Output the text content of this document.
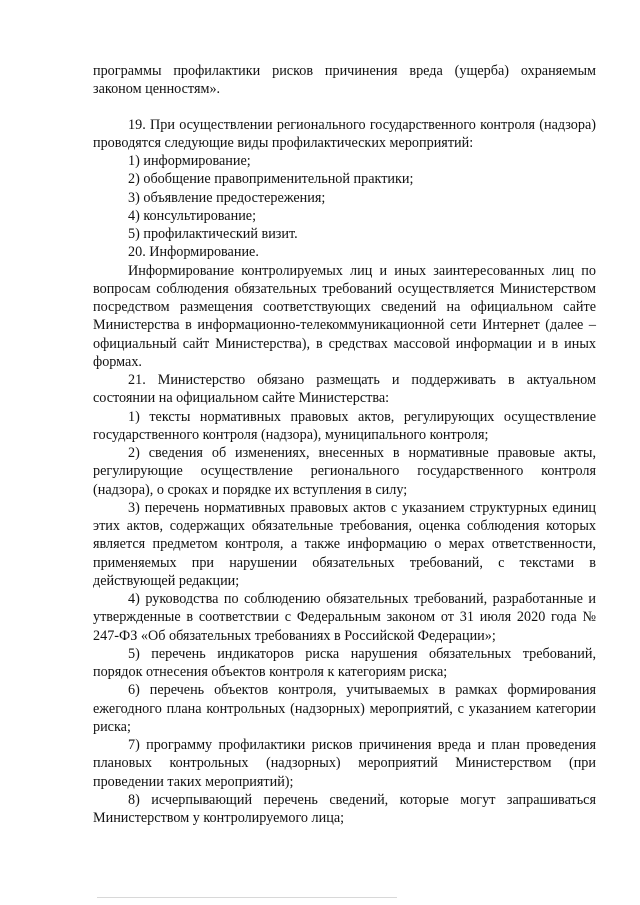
программы профилактики рисков причинения вреда (ущерба) охраняемым законом ценностям».

19. При осуществлении регионального государственного контроля (надзора) проводятся следующие виды профилактических мероприятий:

1) информирование;

2) обобщение правоприменительной практики;

3) объявление предостережения;

4) консультирование;

5) профилактический визит.

20. Информирование.

Информирование контролируемых лиц и иных заинтересованных лиц по вопросам соблюдения обязательных требований осуществляется Министерством посредством размещения соответствующих сведений на официальном сайте Министерства в информационно-телекоммуникационной сети Интернет (далее – официальный сайт Министерства), в средствах массовой информации и в иных формах.

21. Министерство обязано размещать и поддерживать в актуальном состоянии на официальном сайте Министерства:

1) тексты нормативных правовых актов, регулирующих осуществление государственного контроля (надзора), муниципального контроля;

2) сведения об изменениях, внесенных в нормативные правовые акты, регулирующие осуществление регионального государственного контроля (надзора), о сроках и порядке их вступления в силу;

3) перечень нормативных правовых актов с указанием структурных единиц этих актов, содержащих обязательные требования, оценка соблюдения которых является предметом контроля, а также информацию о мерах ответственности, применяемых при нарушении обязательных требований, с текстами в действующей редакции;

4) руководства по соблюдению обязательных требований, разработанные и утвержденные в соответствии с Федеральным законом от 31 июля 2020 года № 247-ФЗ «Об обязательных требованиях в Российской Федерации»;

5) перечень индикаторов риска нарушения обязательных требований, порядок отнесения объектов контроля к категориям риска;

6) перечень объектов контроля, учитываемых в рамках формирования ежегодного плана контрольных (надзорных) мероприятий, с указанием категории риска;

7) программу профилактики рисков причинения вреда и план проведения плановых контрольных (надзорных) мероприятий Министерством (при проведении таких мероприятий);

8) исчерпывающий перечень сведений, которые могут запрашиваться Министерством у контролируемого лица;
